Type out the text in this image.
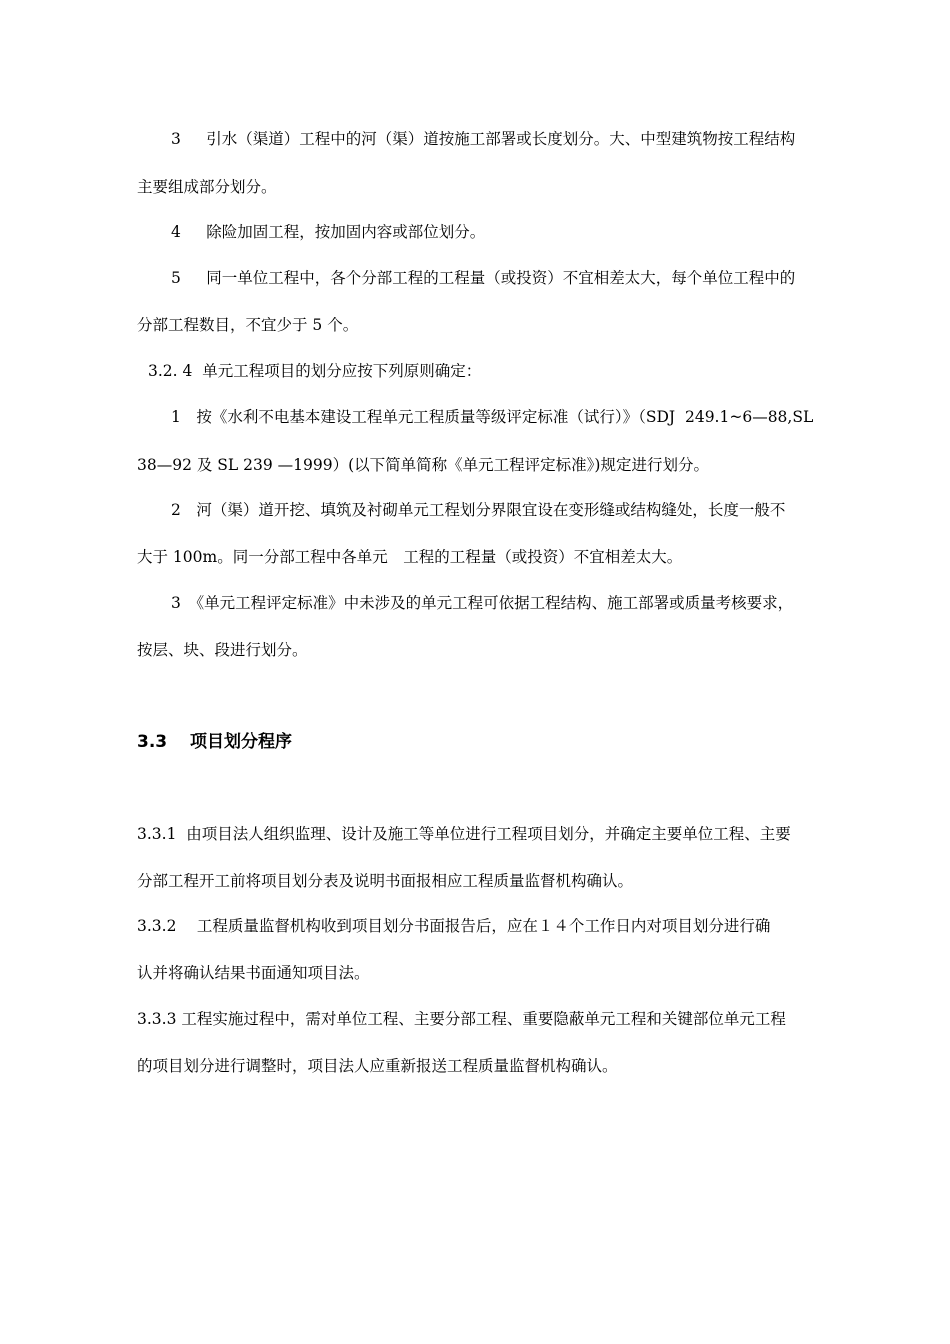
3　  引水（渠道）工程中的河（渠）道按施工部署或长度划分。大、中型建筑物按工程结构

主要组成部分划分。

4　  除险加固工程，按加固内容或部位划分。

5　  同一单位工程中，各个分部工程的工程量（或投资）不宜相差太大，每个单位工程中的

分部工程数目，不宜少于 5 个。

3.2. 4  单元工程项目的划分应按下列原则确定：

1　按《水利不电基本建设工程单元工程质量等级评定标准（试行）》（SDJ  249.1~6—88,SL

38—92 及 SL 239 —1999）(以下简单简称《单元工程评定标准》)规定进行划分。

2　河（渠）道开挖、填筑及衬砌单元工程划分界限宜设在变形缝或结构缝处，长度一般不

大于 100m。同一分部工程中各单元　工程的工程量（或投资）不宜相差太大。

3　《单元工程评定标准》中未涉及的单元工程可依据工程结构、施工部署或质量考核要求，

按层、块、段进行划分。

3.3　 项目划分程序

3.3.1  由项目法人组织监理、设计及施工等单位进行工程项目划分，并确定主要单位工程、主要

分部工程开工前将项目划分表及说明书面报相应工程质量监督机构确认。

3.3.2　 工程质量监督机构收到项目划分书面报告后，应在１４个工作日内对项目划分进行确

认并将确认结果书面通知项目法。

3.3.3 工程实施过程中，需对单位工程、主要分部工程、重要隐蔽单元工程和关键部位单元工程

的项目划分进行调整时，项目法人应重新报送工程质量监督机构确认。
